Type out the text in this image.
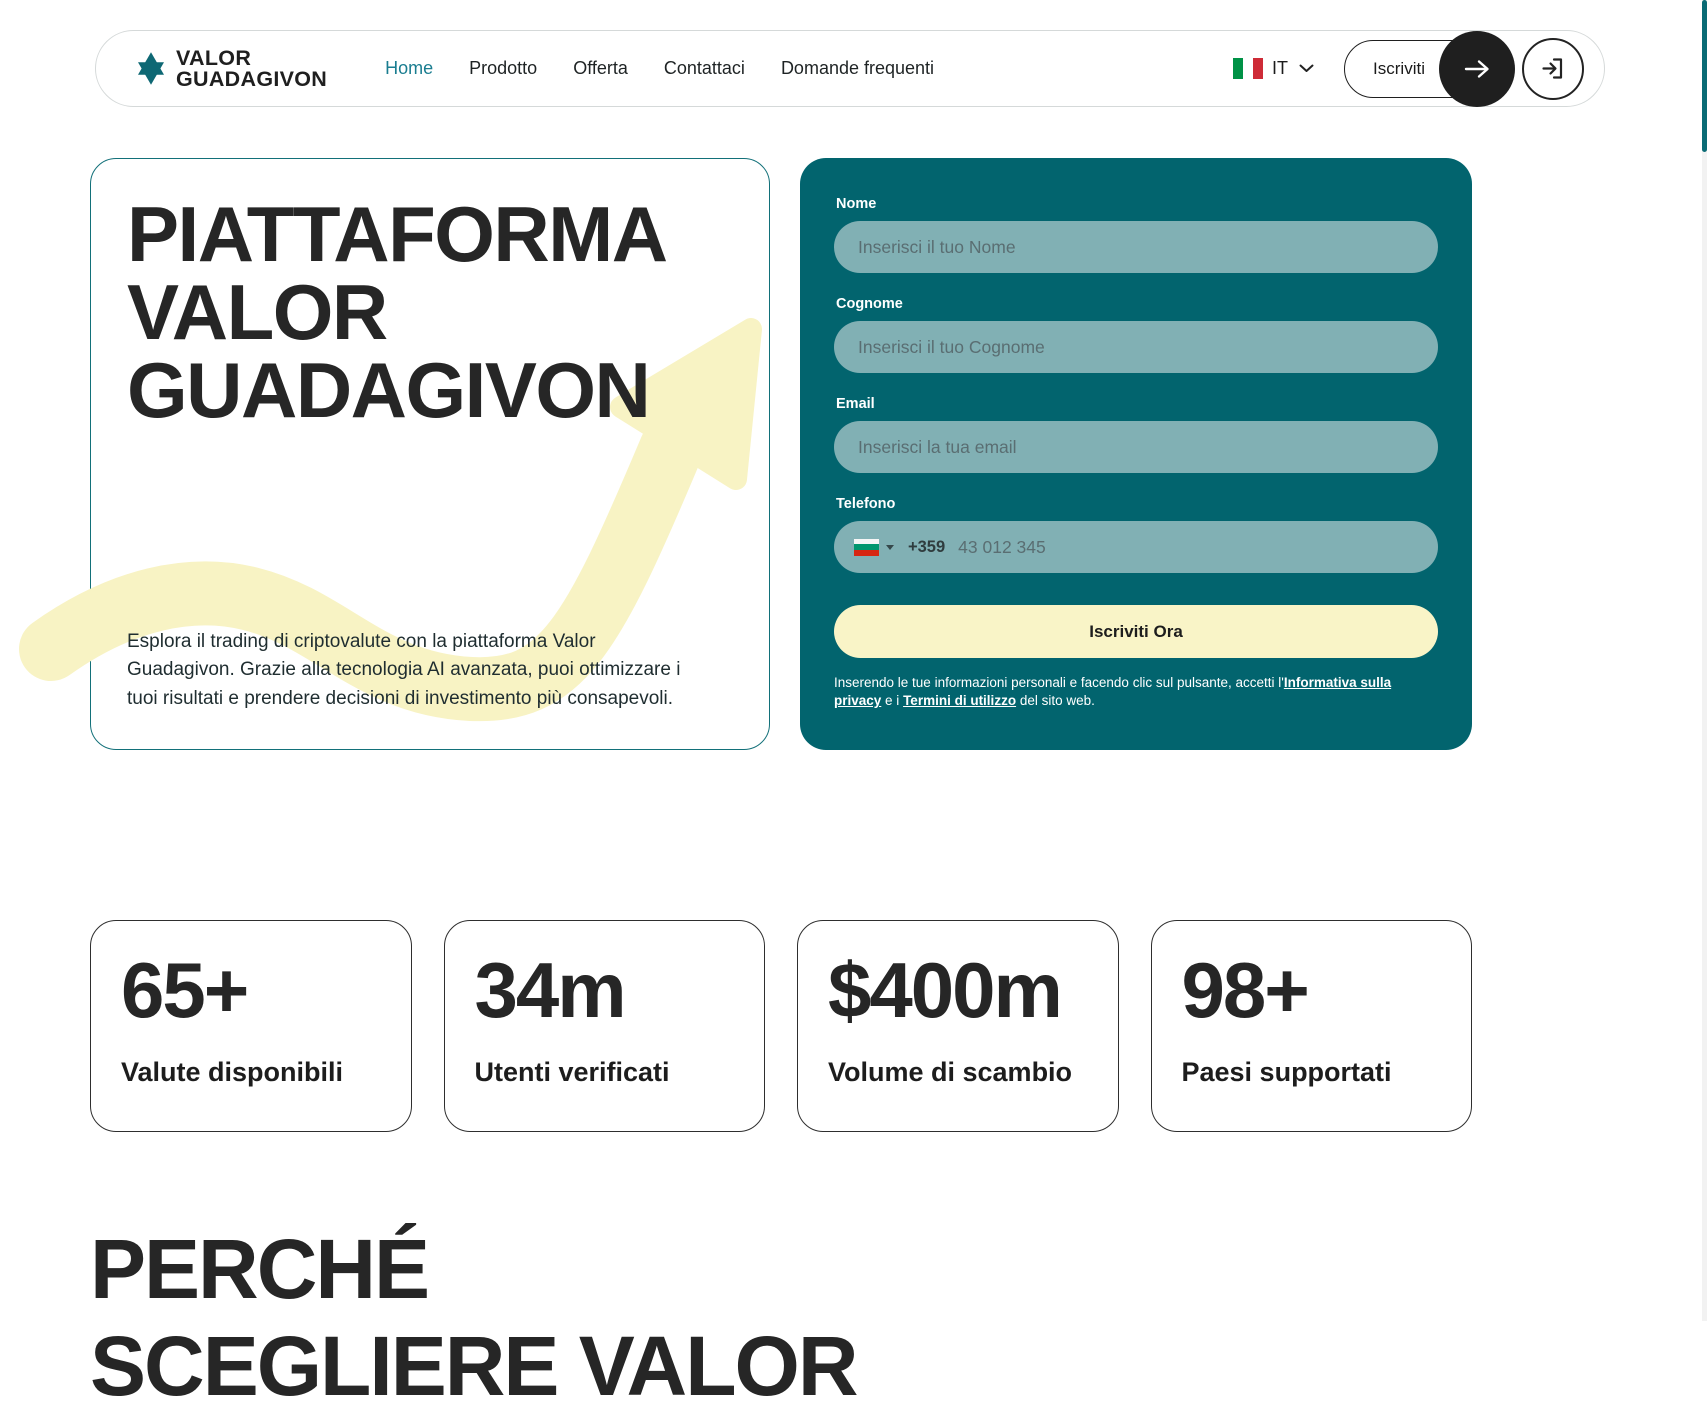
VALOR
GUADAGIVON	Home Prodotto Offerta Contattaci Domande frequenti	IT	Iscriviti
PIATTAFORMA VALOR GUADAGIVON

Esplora il trading di criptovalute con la piattaforma Valor Guadagivon. Grazie alla tecnologia AI avanzata, puoi ottimizzare i tuoi risultati e prendere decisioni di investimento più consapevoli.

Nome
Inserisci il tuo Nome
Cognome
Inserisci il tuo Cognome
Email
Inserisci la tua email
Telefono
+359
43 012 345
Iscriviti Ora

Inserendo le tue informazioni personali e facendo clic sul pulsante, accetti l'Informativa sulla privacy e i Termini di utilizzo del sito web.

65+
Valute disponibili
34m
Utenti verificati
$400m
Volume di scambio
98+
Paesi supportati
PERCHÉ
SCEGLIERE VALOR
